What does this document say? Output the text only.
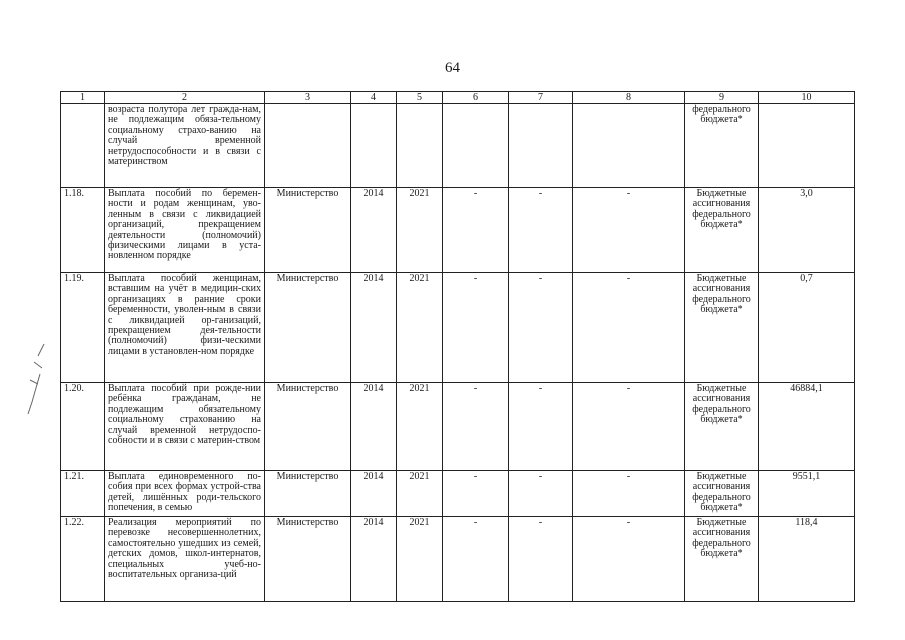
64
1	2	3	4	5	6	7	8	9	10
	возраста полутора лет гражда-нам, не подлежащим обяза-тельному социальному страхо-ванию на случай временной нетрудоспособности и в связи с материнством							федерального бюджета*	
1.18.	Выплата пособий по беремен-ности и родам женщинам, уво-ленным в связи с ликвидацией организаций, прекращением деятельности (полномочий) физическими лицами в уста-новленном порядке	Министерство	2014	2021	-	-	-	Бюджетные ассигнования федерального бюджета*	3,0
1.19.	Выплата пособий женщинам, вставшим на учёт в медицин-ских организациях в ранние сроки беременности, уволен-ным в связи с ликвидацией ор-ганизаций, прекращением дея-тельности (полномочий) физи-ческими лицами в установлен-ном порядке	Министерство	2014	2021	-	-	-	Бюджетные ассигнования федерального бюджета*	0,7
1.20.	Выплата пособий при рожде-нии ребёнка гражданам, не подлежащим обязательному социальному страхованию на случай временной нетрудоспо-собности и в связи с материн-ством	Министерство	2014	2021	-	-	-	Бюджетные ассигнования федерального бюджета*	46884,1
1.21.	Выплата единовременного по-собия при всех формах устрой-ства детей, лишённых роди-тельского попечения, в семью	Министерство	2014	2021	-	-	-	Бюджетные ассигнования федерального бюджета*	9551,1
1.22.	Реализация мероприятий по перевозке несовершеннолетних, самостоятельно ушедших из семей, детских домов, школ-интернатов, специальных учеб-но-воспитательных организа-ций	Министерство	2014	2021	-	-	-	Бюджетные ассигнования федерального бюджета*	118,4
